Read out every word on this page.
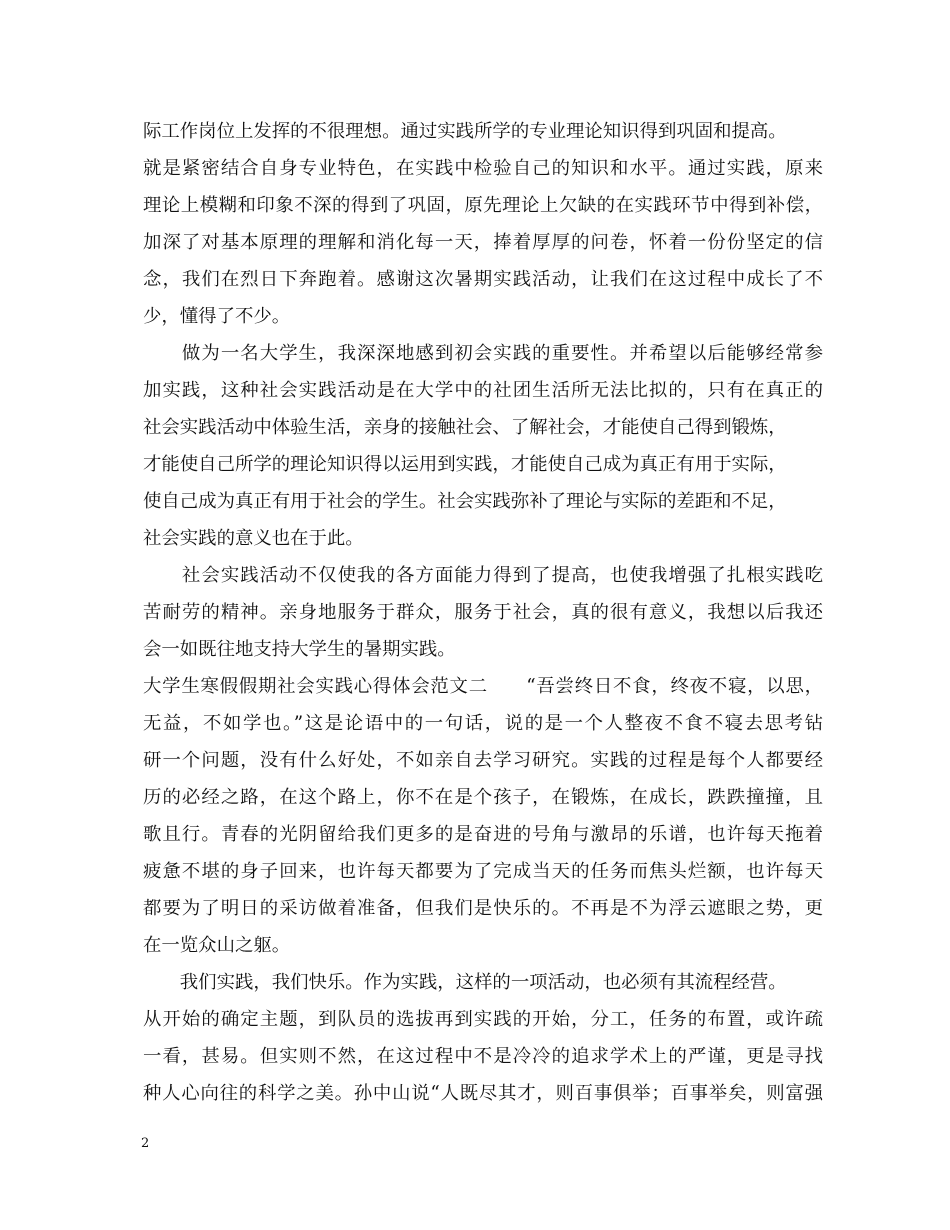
际工作岗位上发挥的不很理想。通过实践所学的专业理论知识得到巩固和提高。
就是紧密结合自身专业特色，在实践中检验自己的知识和水平。通过实践，原来
理论上模糊和印象不深的得到了巩固，原先理论上欠缺的在实践环节中得到补偿，
加深了对基本原理的理解和消化每一天，捧着厚厚的问卷，怀着一份份坚定的信
念，我们在烈日下奔跑着。感谢这次暑期实践活动，让我们在这过程中成长了不
少，懂得了不少。
　　做为一名大学生，我深深地感到初会实践的重要性。并希望以后能够经常参
加实践，这种社会实践活动是在大学中的社团生活所无法比拟的，只有在真正的
社会实践活动中体验生活，亲身的接触社会、了解社会，才能使自己得到锻炼，
才能使自己所学的理论知识得以运用到实践，才能使自己成为真正有用于实际，
使自己成为真正有用于社会的学生。社会实践弥补了理论与实际的差距和不足，
社会实践的意义也在于此。
　　社会实践活动不仅使我的各方面能力得到了提高，也使我增强了扎根实践吃
苦耐劳的精神。亲身地服务于群众，服务于社会，真的很有意义，我想以后我还
会一如既往地支持大学生的暑期实践。
大学生寒假假期社会实践心得体会范文二　　“吾尝终日不食，终夜不寝，以思，
无益，不如学也。”这是论语中的一句话，说的是一个人整夜不食不寝去思考钻
研一个问题，没有什么好处，不如亲自去学习研究。实践的过程是每个人都要经
历的必经之路，在这个路上，你不在是个孩子，在锻炼，在成长，跌跌撞撞，且
歌且行。青春的光阴留给我们更多的是奋进的号角与激昂的乐谱，也许每天拖着
疲惫不堪的身子回来，也许每天都要为了完成当天的任务而焦头烂额，也许每天
都要为了明日的采访做着准备，但我们是快乐的。不再是不为浮云遮眼之势，更
在一览众山之躯。
　　我们实践，我们快乐。作为实践，这样的一项活动，也必须有其流程经营。
从开始的确定主题，到队员的选拔再到实践的开始，分工，任务的布置，或许疏
一看，甚易。但实则不然，在这过程中不是冷冷的追求学术上的严谨，更是寻找
种人心向往的科学之美。孙中山说“人既尽其才，则百事俱举；百事举矣，则富强
2
